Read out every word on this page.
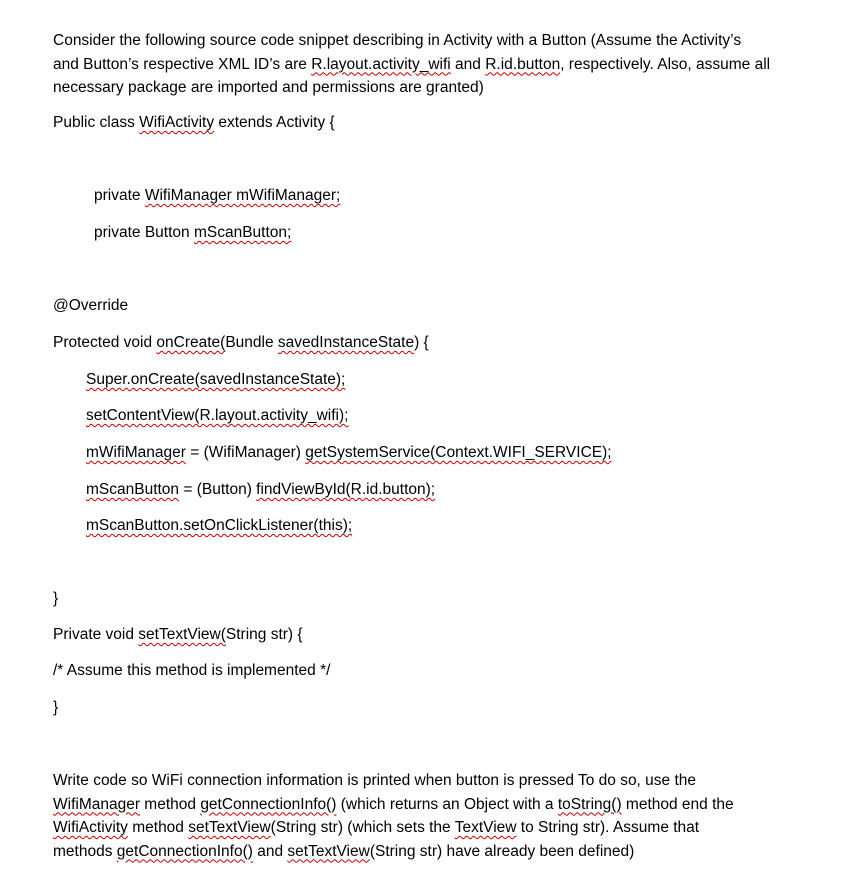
Consider the following source code snippet describing in Activity with a Button (Assume the Activity’s
and Button’s respective XML ID’s are R.layout.activity_wifi and R.id.button, respectively. Also, assume all
necessary package are imported and permissions are granted)
Public class WifiActivity extends Activity {
private WifiManager mWifiManager;
private Button mScanButton;
@Override
Protected void onCreate(Bundle savedInstanceState) {
Super.onCreate(savedInstanceState);
setContentView(R.layout.activity_wifi);
mWifiManager = (WifiManager) getSystemService(Context.WIFI_SERVICE);
mScanButton = (Button) findViewById(R.id.button);
mScanButton.setOnClickListener(this);
}
Private void setTextView(String str) {
/* Assume this method is implemented */
}
Write code so WiFi connection information is printed when button is pressed To do so, use the
WifiManager method getConnectionInfo() (which returns an Object with a toString() method end the
WifiActivity method setTextView(String str) (which sets the TextView to String str). Assume that
methods getConnectionInfo() and setTextView(String str) have already been defined)
